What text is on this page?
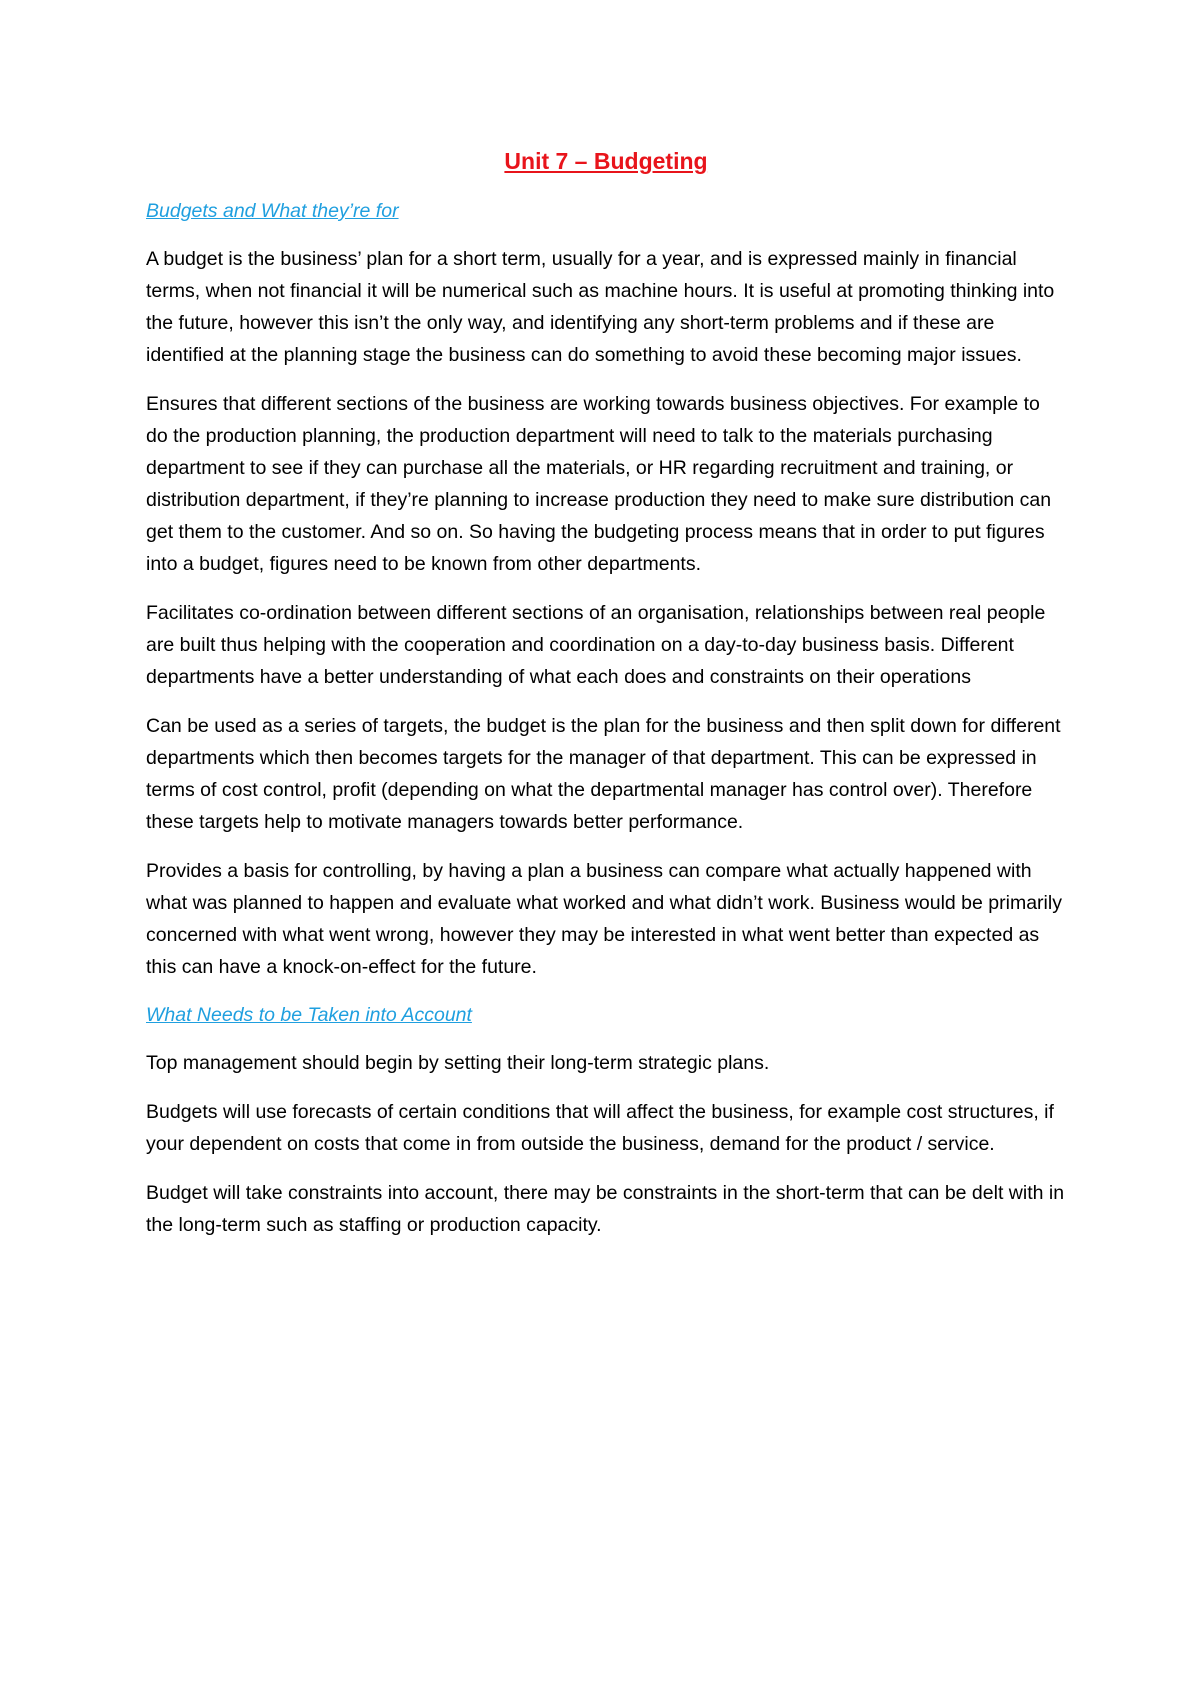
Unit 7 – Budgeting
Budgets and What they’re for

A budget is the business’ plan for a short term, usually for a year, and is expressed mainly in financial terms, when not financial it will be numerical such as machine hours. It is useful at promoting thinking into the future, however this isn’t the only way, and identifying any short-term problems and if these are identified at the planning stage the business can do something to avoid these becoming major issues.

Ensures that different sections of the business are working towards business objectives. For example to do the production planning, the production department will need to talk to the materials purchasing department to see if they can purchase all the materials, or HR regarding recruitment and training, or distribution department, if they’re planning to increase production they need to make sure distribution can get them to the customer. And so on. So having the budgeting process means that in order to put figures into a budget, figures need to be known from other departments.

Facilitates co-ordination between different sections of an organisation, relationships between real people are built thus helping with the cooperation and coordination on a day-to-day business basis. Different departments have a better understanding of what each does and constraints on their operations

Can be used as a series of targets, the budget is the plan for the business and then split down for different departments which then becomes targets for the manager of that department. This can be expressed in terms of cost control, profit (depending on what the departmental manager has control over). Therefore these targets help to motivate managers towards better performance.

Provides a basis for controlling, by having a plan a business can compare what actually happened with what was planned to happen and evaluate what worked and what didn’t work. Business would be primarily concerned with what went wrong, however they may be interested in what went better than expected as this can have a knock-on-effect for the future.

What Needs to be Taken into Account

Top management should begin by setting their long-term strategic plans.

Budgets will use forecasts of certain conditions that will affect the business, for example cost structures, if your dependent on costs that come in from outside the business, demand for the product / service.

Budget will take constraints into account, there may be constraints in the short-term that can be delt with in the long-term such as staffing or production capacity.
